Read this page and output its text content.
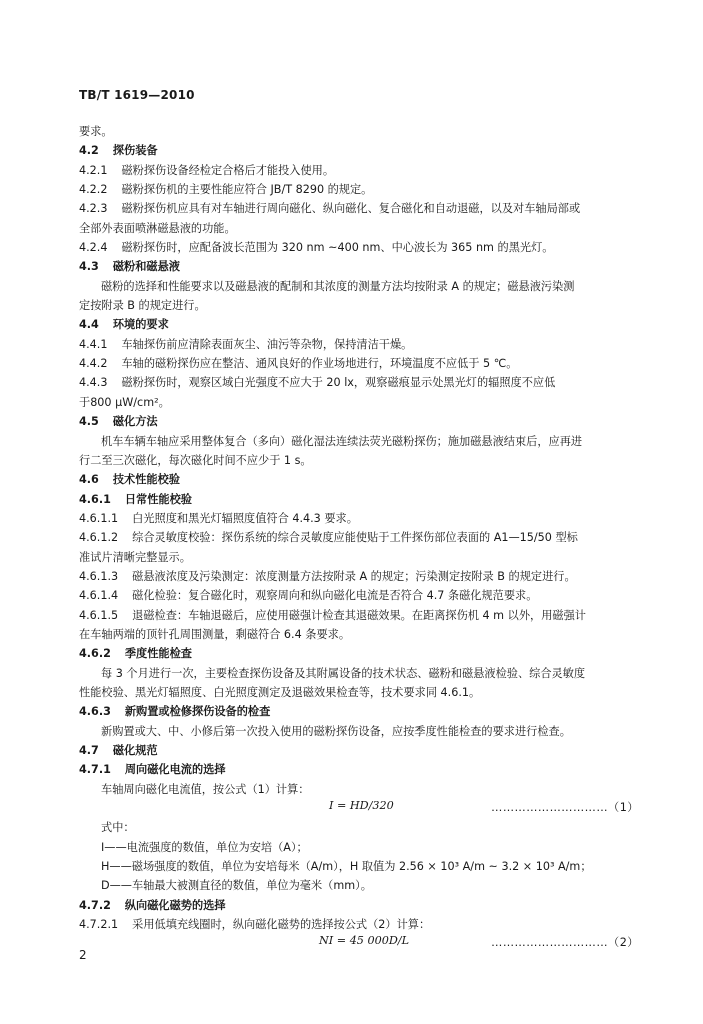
TB/T 1619—2010
要求。
4.2 探伤装备
4.2.1 磁粉探伤设备经检定合格后才能投入使用。
4.2.2 磁粉探伤机的主要性能应符合 JB/T 8290 的规定。
4.2.3 磁粉探伤机应具有对车轴进行周向磁化、纵向磁化、复合磁化和自动退磁，以及对车轴局部或
全部外表面喷淋磁悬液的功能。
4.2.4 磁粉探伤时，应配备波长范围为 320 nm ~400 nm、中心波长为 365 nm 的黑光灯。
4.3 磁粉和磁悬液
磁粉的选择和性能要求以及磁悬液的配制和其浓度的测量方法均按附录 A 的规定；磁悬液污染测
定按附录 B 的规定进行。
4.4 环境的要求
4.4.1 车轴探伤前应清除表面灰尘、油污等杂物，保持清洁干燥。
4.4.2 车轴的磁粉探伤应在整洁、通风良好的作业场地进行，环境温度不应低于 5 ℃。
4.4.3 磁粉探伤时，观察区域白光强度不应大于 20 lx，观察磁痕显示处黑光灯的辐照度不应低
于800 μW/cm²。
4.5 磁化方法
机车车辆车轴应采用整体复合（多向）磁化湿法连续法荧光磁粉探伤；施加磁悬液结束后，应再进
行二至三次磁化，每次磁化时间不应少于 1 s。
4.6 技术性能校验
4.6.1 日常性能校验
4.6.1.1 白光照度和黑光灯辐照度值符合 4.4.3 要求。
4.6.1.2 综合灵敏度校验：探伤系统的综合灵敏度应能使贴于工件探伤部位表面的 A1—15/50 型标
准试片清晰完整显示。
4.6.1.3 磁悬液浓度及污染测定：浓度测量方法按附录 A 的规定；污染测定按附录 B 的规定进行。
4.6.1.4 磁化检验：复合磁化时，观察周向和纵向磁化电流是否符合 4.7 条磁化规范要求。
4.6.1.5 退磁检查：车轴退磁后，应使用磁强计检查其退磁效果。在距离探伤机 4 m 以外，用磁强计
在车轴两端的顶针孔周围测量，剩磁符合 6.4 条要求。
4.6.2 季度性能检查
每 3 个月进行一次，主要检查探伤设备及其附属设备的技术状态、磁粉和磁悬液检验、综合灵敏度
性能校验、黑光灯辐照度、白光照度测定及退磁效果检查等，技术要求同 4.6.1。
4.6.3 新购置或检修探伤设备的检查
新购置或大、中、小修后第一次投入使用的磁粉探伤设备，应按季度性能检查的要求进行检查。
4.7 磁化规范
4.7.1 周向磁化电流的选择
车轴周向磁化电流值，按公式（1）计算：
I = HD/320	…………………………（1）
式中：
I——电流强度的数值，单位为安培（A）；
H——磁场强度的数值，单位为安培每米（A/m），H 取值为 2.56 × 10³ A/m ~ 3.2 × 10³ A/m；
D——车轴最大被测直径的数值，单位为毫米（mm）。
4.7.2 纵向磁化磁势的选择
4.7.2.1 采用低填充线圈时，纵向磁化磁势的选择按公式（2）计算：
NI = 45 000D/L	…………………………（2）
2
